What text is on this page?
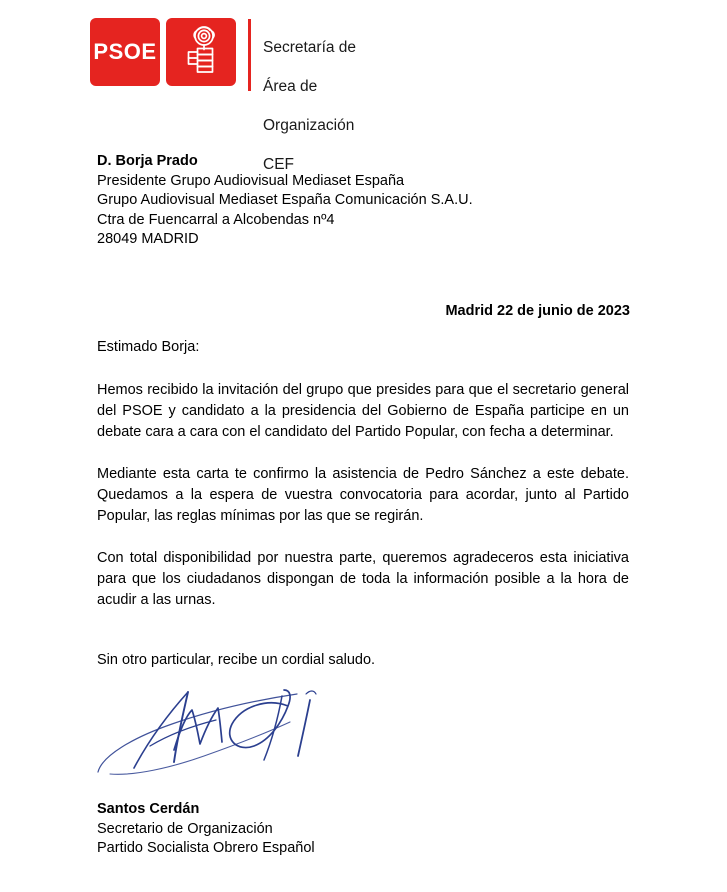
PSOE	Secretaría de

Área de

Organización

CEF

D. Borja Prado
Presidente Grupo Audiovisual Mediaset España
Grupo Audiovisual Mediaset España Comunicación S.A.U.
Ctra de Fuencarral a Alcobendas nº4
28049 MADRID
Madrid 22 de junio de 2023

Estimado Borja:

Hemos recibido la invitación del grupo que presides para que el secretario general del PSOE y candidato a la presidencia del Gobierno de España participe en un debate cara a cara con el candidato del Partido Popular, con fecha a determinar.

Mediante esta carta te confirmo la asistencia de Pedro Sánchez a este debate. Quedamos a la espera de vuestra convocatoria para acordar, junto al Partido Popular, las reglas mínimas por las que se regirán.

Con total disponibilidad por nuestra parte, queremos agradeceros esta iniciativa para que los ciudadanos dispongan de toda la información posible a la hora de acudir a las urnas.

Sin otro particular, recibe un cordial saludo.
Santos Cerdán
Secretario de Organización
Partido Socialista Obrero Español
